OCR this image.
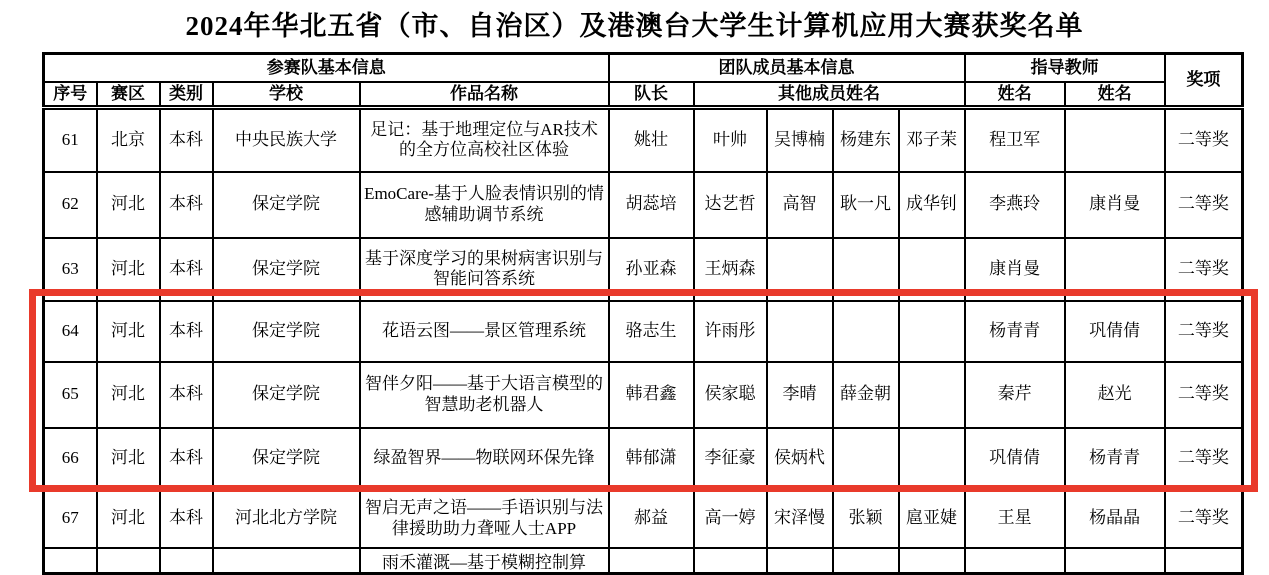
2024年华北五省（市、自治区）及港澳台大学生计算机应用大赛获奖名单
参赛队基本信息					团队成员基本信息					指导教师		奖项
序号	赛区	类别	学校	作品名称	队长	其他成员姓名				姓名	姓名	
61	北京	本科	中央民族大学	足记：基于地理定位与AR技术的全方位高校社区体验	姚壮	叶帅	吴博楠	杨建东	邓子茉	程卫军		二等奖
62	河北	本科	保定学院	EmoCare-基于人脸表情识别的情感辅助调节系统	胡蕊培	达艺哲	高智	耿一凡	成华钊	李燕玲	康肖曼	二等奖
63	河北	本科	保定学院	基于深度学习的果树病害识别与智能问答系统	孙亚森	王炳森				康肖曼		二等奖
64	河北	本科	保定学院	花语云图——景区管理系统	骆志生	许雨彤				杨青青	巩倩倩	二等奖
65	河北	本科	保定学院	智伴夕阳——基于大语言模型的智慧助老机器人	韩君鑫	侯家聪	李晴	薛金朝		秦芹	赵光	二等奖
66	河北	本科	保定学院	绿盈智界——物联网环保先锋	韩郁潇	李征豪	侯炳杙			巩倩倩	杨青青	二等奖
67	河北	本科	河北北方学院	智启无声之语——手语识别与法律援助助力聋哑人士APP	郝益	高一婷	宋泽慢	张颖	扈亚婕	王星	杨晶晶	二等奖

				雨禾灌溉—基于模糊控制算								
